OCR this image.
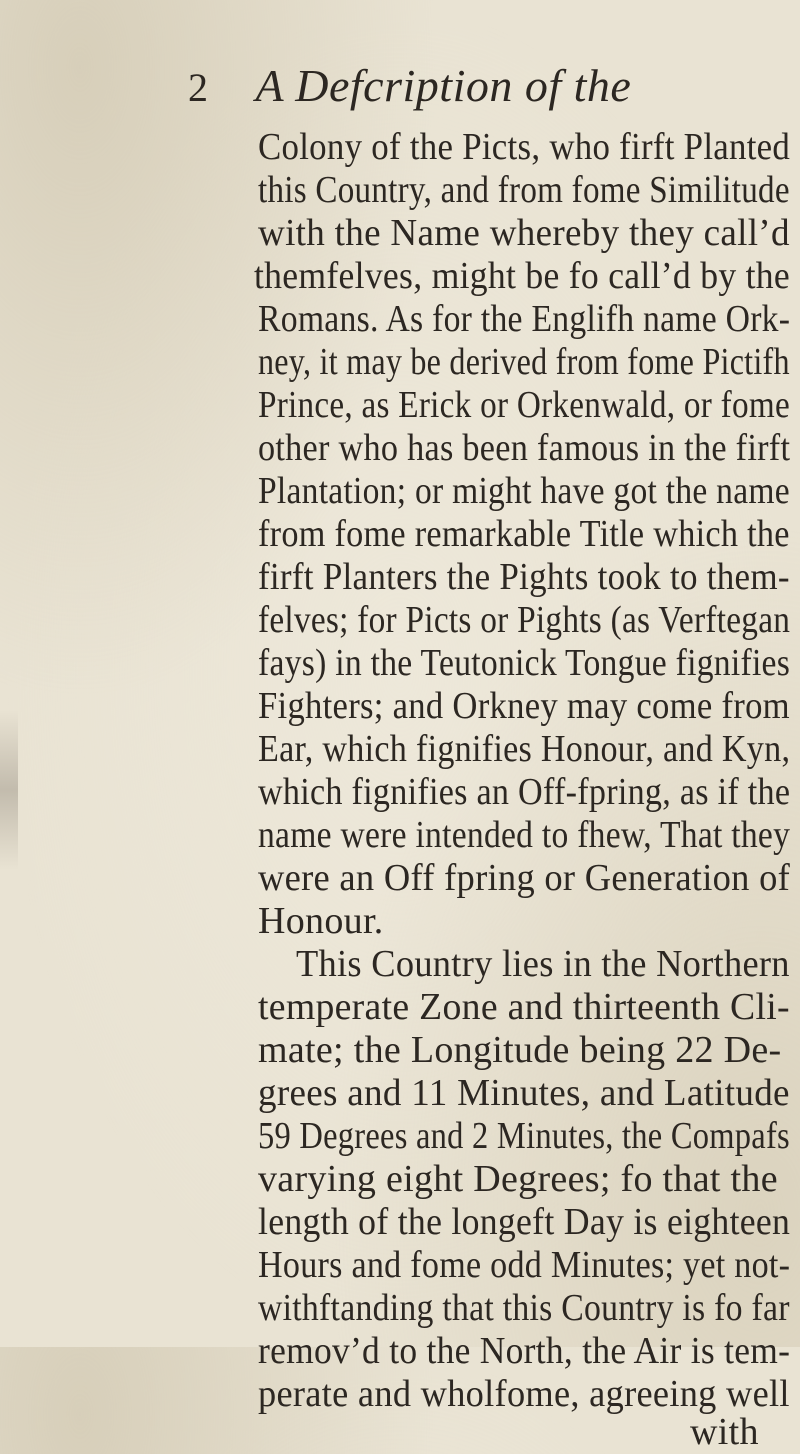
2 A Defcription of the
Colony of the Picts, who firft Planted
this Country, and from fome Similitude
with the Name whereby they call’d
themfelves, might be fo call’d by the
Romans. As for the Englifh name Ork-
ney, it may be derived from fome Pictifh
Prince, as Erick or Orkenwald, or fome
other who has been famous in the firft
Plantation; or might have got the name
from fome remarkable Title which the
firft Planters the Pights took to them-
felves; for Picts or Pights (as Verftegan
fays) in the Teutonick Tongue fignifies
Fighters; and Orkney may come from
Ear, which fignifies Honour, and Kyn,
which fignifies an Off-fpring, as if the
name were intended to fhew, That they
were an Off fpring or Generation of
Honour.
This Country lies in the Northern
temperate Zone and thirteenth Cli-
mate; the Longitude being 22 De-
grees and 11 Minutes, and Latitude
59 Degrees and 2 Minutes, the Compafs
varying eight Degrees; fo that the
length of the longeft Day is eighteen
Hours and fome odd Minutes; yet not-
withftanding that this Country is fo far
remov’d to the North, the Air is tem-
perate and wholfome, agreeing well
with
